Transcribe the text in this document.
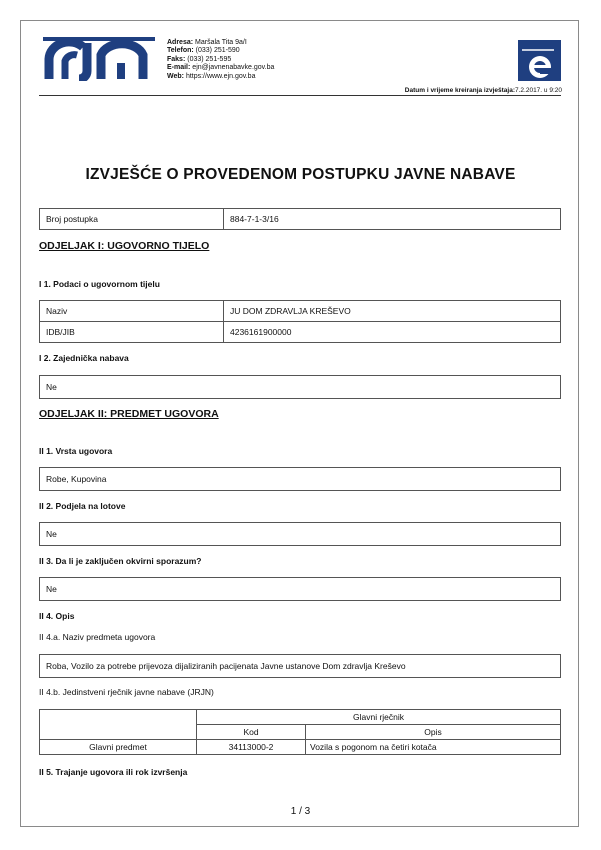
Adresa: Maršala Tita 9a/I
Telefon: (033) 251-590
Faks: (033) 251-595
E-mail: ejn@javnenabavke.gov.ba
Web: https://www.ejn.gov.ba
Datum i vrijeme kreiranja izvještaja:7.2.2017. u 9:20
IZVJEŠĆE O PROVEDENOM POSTUPKU JAVNE NABAVE
Broj postupka	884-7-1-3/16
ODJELJAK I: UGOVORNO TIJELO
I 1. Podaci o ugovornom tijelu
Naziv	JU DOM ZDRAVLJA KREŠEVO
IDB/JIB	4236161900000
I 2. Zajednička nabava
Ne
ODJELJAK II: PREDMET UGOVORA
II 1. Vrsta ugovora
Robe, Kupovina
II 2. Podjela na lotove
Ne
II 3. Da li je zaključen okvirni sporazum?
Ne
II 4. Opis
II 4.a. Naziv predmeta ugovora
Roba, Vozilo za potrebe prijevoza dijaliziranih pacijenata Javne ustanove Dom zdravlja Kreševo
II 4.b. Jedinstveni rječnik javne nabave (JRJN)
	Glavni rječnik	
	Kod	Opis
Glavni predmet	34113000-2	Vozila s pogonom na četiri kotača
II 5. Trajanje ugovora ili rok izvršenja
1 / 3
